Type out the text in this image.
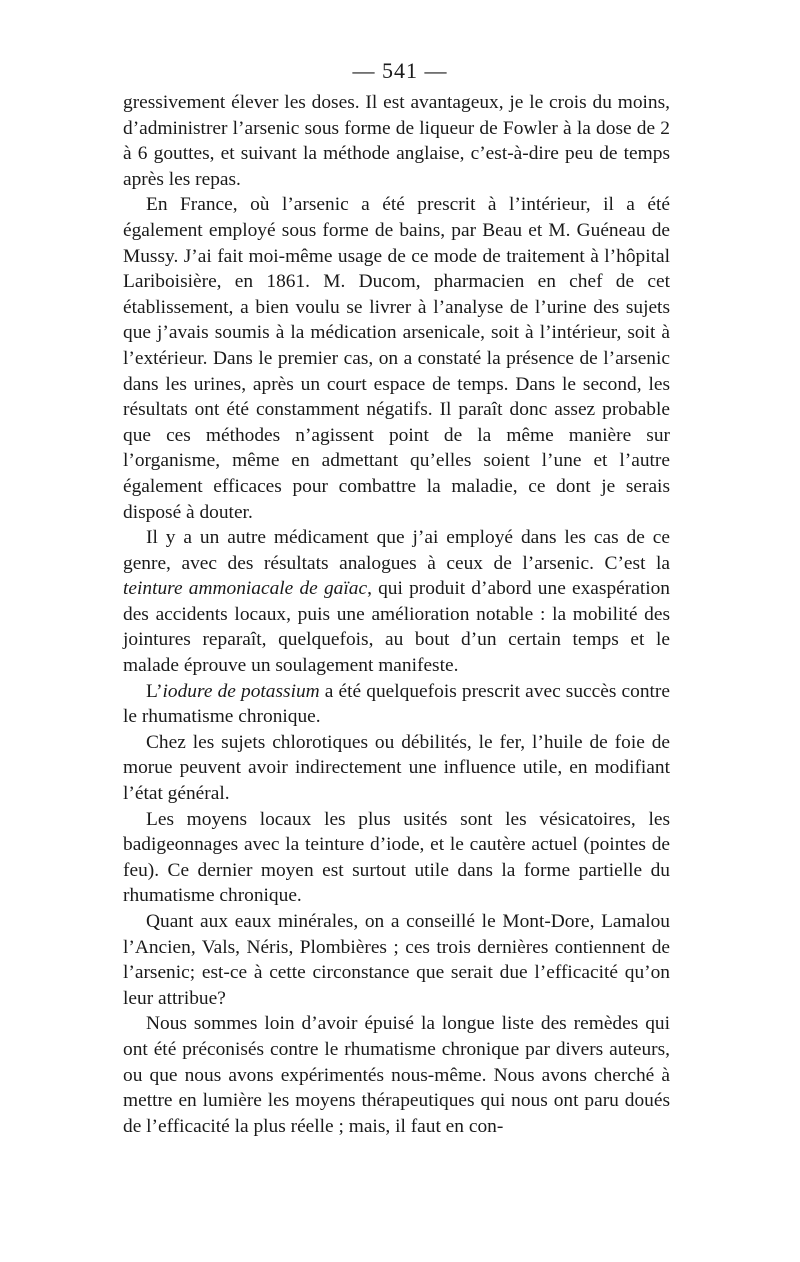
— 541 —

gressivement élever les doses. Il est avantageux, je le crois du moins, d’administrer l’arsenic sous forme de liqueur de Fowler à la dose de 2 à 6 gouttes, et suivant la méthode anglaise, c’est-à-dire peu de temps après les repas.

En France, où l’arsenic a été prescrit à l’intérieur, il a été également employé sous forme de bains, par Beau et M. Guéneau de Mussy. J’ai fait moi-même usage de ce mode de traitement à l’hôpital Lariboisière, en 1861. M. Ducom, pharmacien en chef de cet établissement, a bien voulu se livrer à l’analyse de l’urine des sujets que j’avais soumis à la médication arsenicale, soit à l’intérieur, soit à l’extérieur. Dans le premier cas, on a constaté la présence de l’arsenic dans les urines, après un court espace de temps. Dans le second, les résultats ont été constamment négatifs. Il paraît donc assez probable que ces méthodes n’agissent point de la même manière sur l’organisme, même en admettant qu’elles soient l’une et l’autre également efficaces pour combattre la maladie, ce dont je serais disposé à douter.

Il y a un autre médicament que j’ai employé dans les cas de ce genre, avec des résultats analogues à ceux de l’arsenic. C’est la teinture ammoniacale de gaïac, qui produit d’abord une exaspération des accidents locaux, puis une amélioration notable : la mobilité des jointures reparaît, quelquefois, au bout d’un certain temps et le malade éprouve un soulagement manifeste.

L’iodure de potassium a été quelquefois prescrit avec succès contre le rhumatisme chronique.

Chez les sujets chlorotiques ou débilités, le fer, l’huile de foie de morue peuvent avoir indirectement une influence utile, en modifiant l’état général.

Les moyens locaux les plus usités sont les vésicatoires, les badigeonnages avec la teinture d’iode, et le cautère actuel (pointes de feu). Ce dernier moyen est surtout utile dans la forme partielle du rhumatisme chronique.

Quant aux eaux minérales, on a conseillé le Mont-Dore, Lamalou l’Ancien, Vals, Néris, Plombières ; ces trois dernières contiennent de l’arsenic; est-ce à cette circonstance que serait due l’efficacité qu’on leur attribue?

Nous sommes loin d’avoir épuisé la longue liste des remèdes qui ont été préconisés contre le rhumatisme chronique par divers auteurs, ou que nous avons expérimentés nous-même. Nous avons cherché à mettre en lumière les moyens thérapeutiques qui nous ont paru doués de l’efficacité la plus réelle ; mais, il faut en con-
